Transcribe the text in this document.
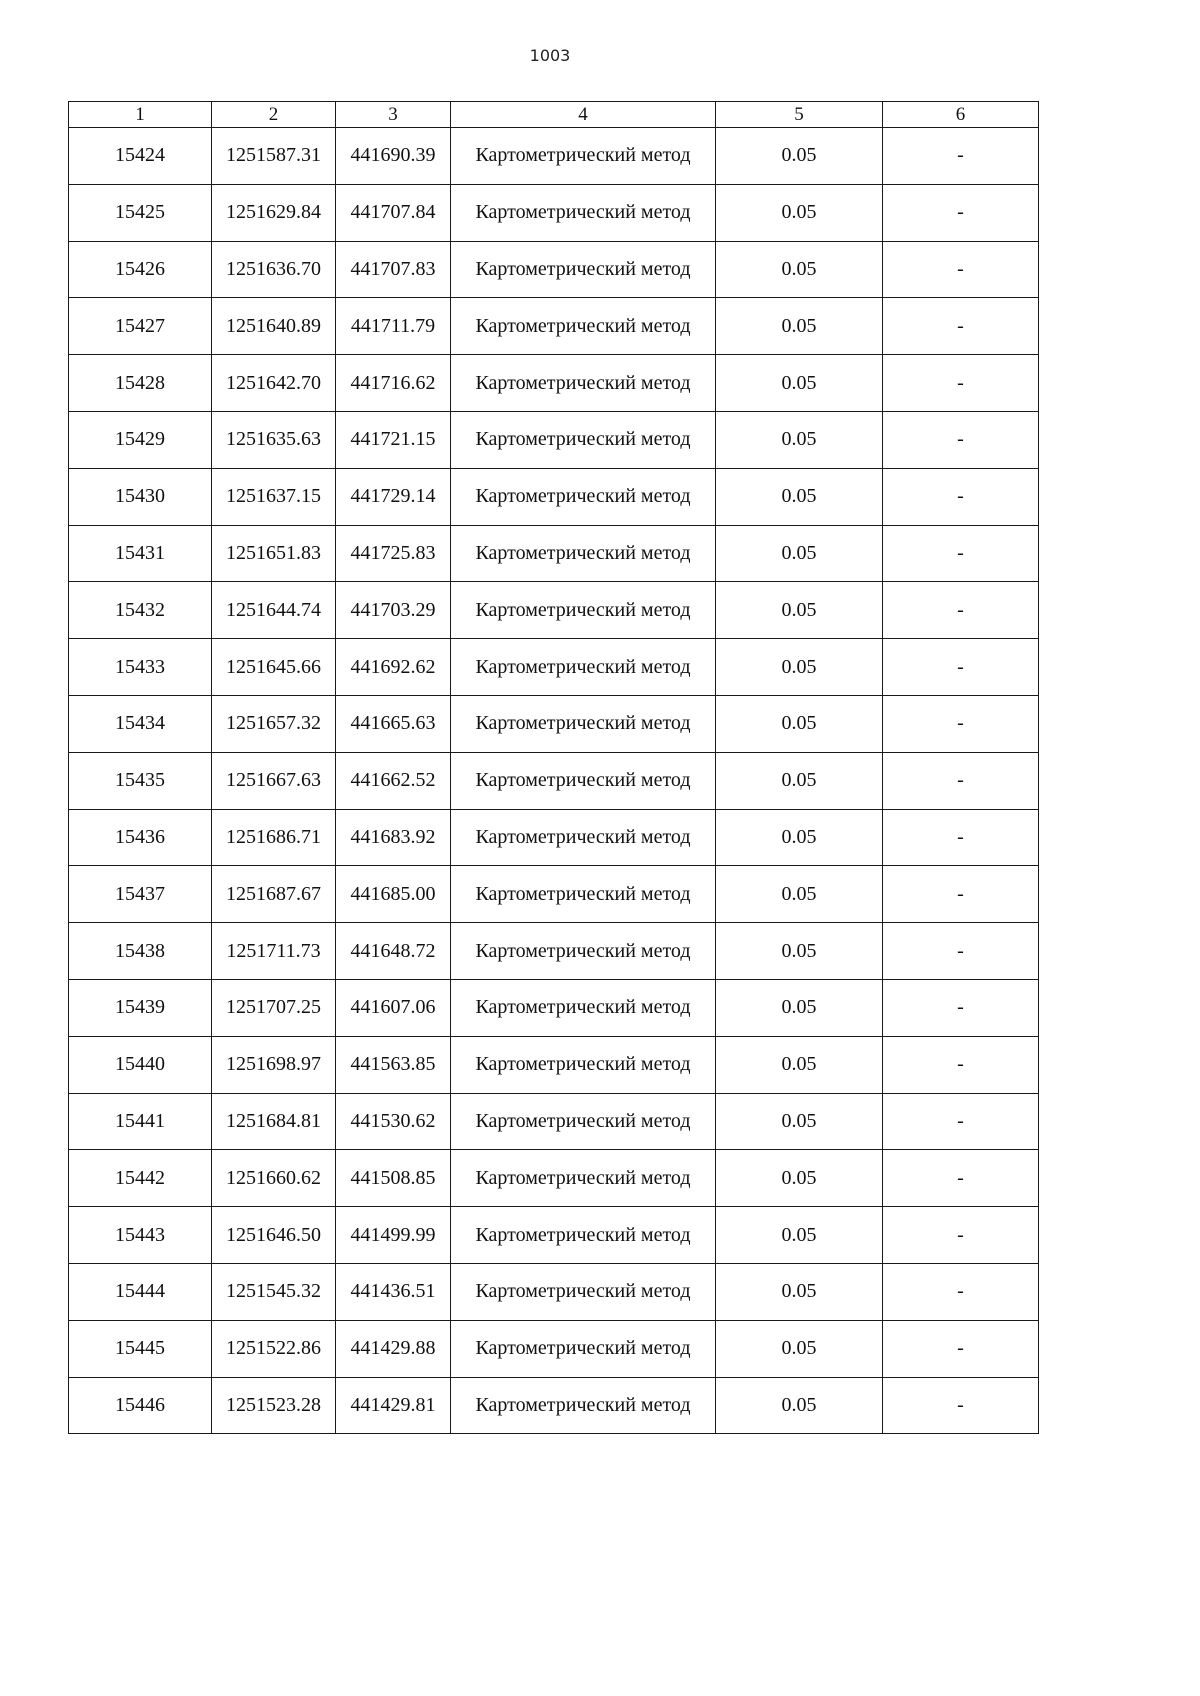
1003
1	2	3	4	5	6
15424	1251587.31	441690.39	Картометрический метод	0.05	-
15425	1251629.84	441707.84	Картометрический метод	0.05	-
15426	1251636.70	441707.83	Картометрический метод	0.05	-
15427	1251640.89	441711.79	Картометрический метод	0.05	-
15428	1251642.70	441716.62	Картометрический метод	0.05	-
15429	1251635.63	441721.15	Картометрический метод	0.05	-
15430	1251637.15	441729.14	Картометрический метод	0.05	-
15431	1251651.83	441725.83	Картометрический метод	0.05	-
15432	1251644.74	441703.29	Картометрический метод	0.05	-
15433	1251645.66	441692.62	Картометрический метод	0.05	-
15434	1251657.32	441665.63	Картометрический метод	0.05	-
15435	1251667.63	441662.52	Картометрический метод	0.05	-
15436	1251686.71	441683.92	Картометрический метод	0.05	-
15437	1251687.67	441685.00	Картометрический метод	0.05	-
15438	1251711.73	441648.72	Картометрический метод	0.05	-
15439	1251707.25	441607.06	Картометрический метод	0.05	-
15440	1251698.97	441563.85	Картометрический метод	0.05	-
15441	1251684.81	441530.62	Картометрический метод	0.05	-
15442	1251660.62	441508.85	Картометрический метод	0.05	-
15443	1251646.50	441499.99	Картометрический метод	0.05	-
15444	1251545.32	441436.51	Картометрический метод	0.05	-
15445	1251522.86	441429.88	Картометрический метод	0.05	-
15446	1251523.28	441429.81	Картометрический метод	0.05	-
